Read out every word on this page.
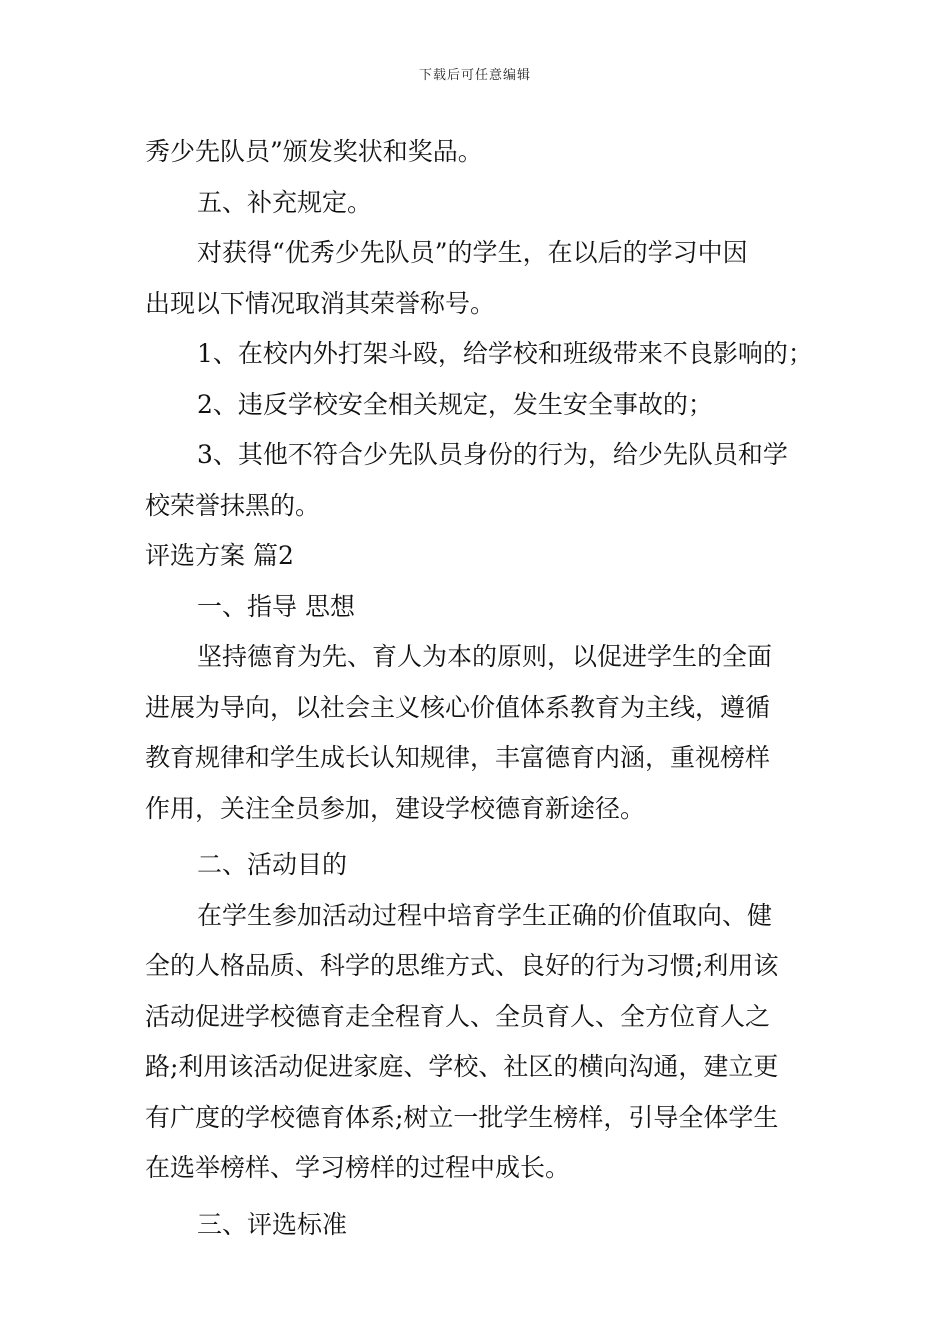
下载后可任意编辑

秀少先队员”颁发奖状和奖品。

五、补充规定。

对获得“优秀少先队员”的学生，在以后的学习中因

出现以下情况取消其荣誉称号。

1、在校内外打架斗殴，给学校和班级带来不良影响的；

2、违反学校安全相关规定，发生安全事故的；

3、其他不符合少先队员身份的行为，给少先队员和学

校荣誉抹黑的。

评选方案 篇2

一、指导 思想

坚持德育为先、育人为本的原则，以促进学生的全面

进展为导向，以社会主义核心价值体系教育为主线，遵循

教育规律和学生成长认知规律，丰富德育内涵，重视榜样

作用，关注全员参加，建设学校德育新途径。

二、活动目的

在学生参加活动过程中培育学生正确的价值取向、健

全的人格品质、科学的思维方式、良好的行为习惯;利用该

活动促进学校德育走全程育人、全员育人、全方位育人之

路;利用该活动促进家庭、学校、社区的横向沟通，建立更

有广度的学校德育体系;树立一批学生榜样，引导全体学生

在选举榜样、学习榜样的过程中成长。

三、评选标准
